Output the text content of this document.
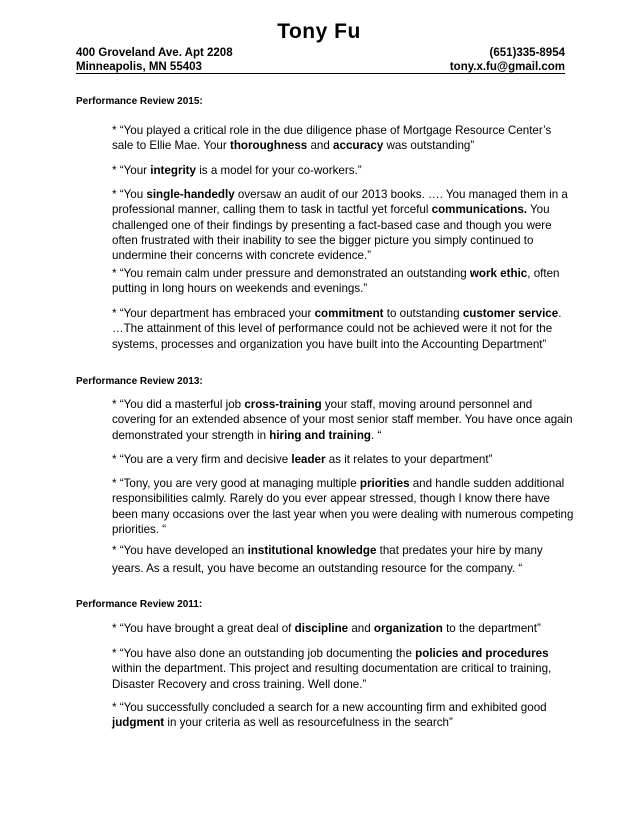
Tony Fu
400 Groveland Ave. Apt 2208	(651)335-8954
Minneapolis, MN 55403	tony.x.fu@gmail.com
Performance Review 2015:
* “You played a critical role in the due diligence phase of Mortgage Resource Center’s sale to Ellie Mae. Your thoroughness and accuracy was outstanding”
* “Your integrity is a model for your co-workers.”
* “You single-handedly oversaw an audit of our 2013 books. …. You managed them in a professional manner, calling them to task in tactful yet forceful communications. You challenged one of their findings by presenting a fact-based case and though you were often frustrated with their inability to see the bigger picture you simply continued to undermine their concerns with concrete evidence.”
* “You remain calm under pressure and demonstrated an outstanding work ethic, often putting in long hours on weekends and evenings.”
* “Your department has embraced your commitment to outstanding customer service. …The attainment of this level of performance could not be achieved were it not for the systems, processes and organization you have built into the Accounting Department”
Performance Review 2013:
* “You did a masterful job cross-training your staff, moving around personnel and covering for an extended absence of your most senior staff member. You have once again demonstrated your strength in hiring and training. “
* “You are a very firm and decisive leader as it relates to your department”
* “Tony, you are very good at managing multiple priorities and handle sudden additional responsibilities calmly. Rarely do you ever appear stressed, though I know there have been many occasions over the last year when you were dealing with numerous competing priorities. “
* “You have developed an institutional knowledge that predates your hire by many years. As a result, you have become an outstanding resource for the company. “
Performance Review 2011:
* “You have brought a great deal of discipline and organization to the department”
* “You have also done an outstanding job documenting the policies and procedures within the department. This project and resulting documentation are critical to training, Disaster Recovery and cross training. Well done.”
* “You successfully concluded a search for a new accounting firm and exhibited good judgment in your criteria as well as resourcefulness in the search”
